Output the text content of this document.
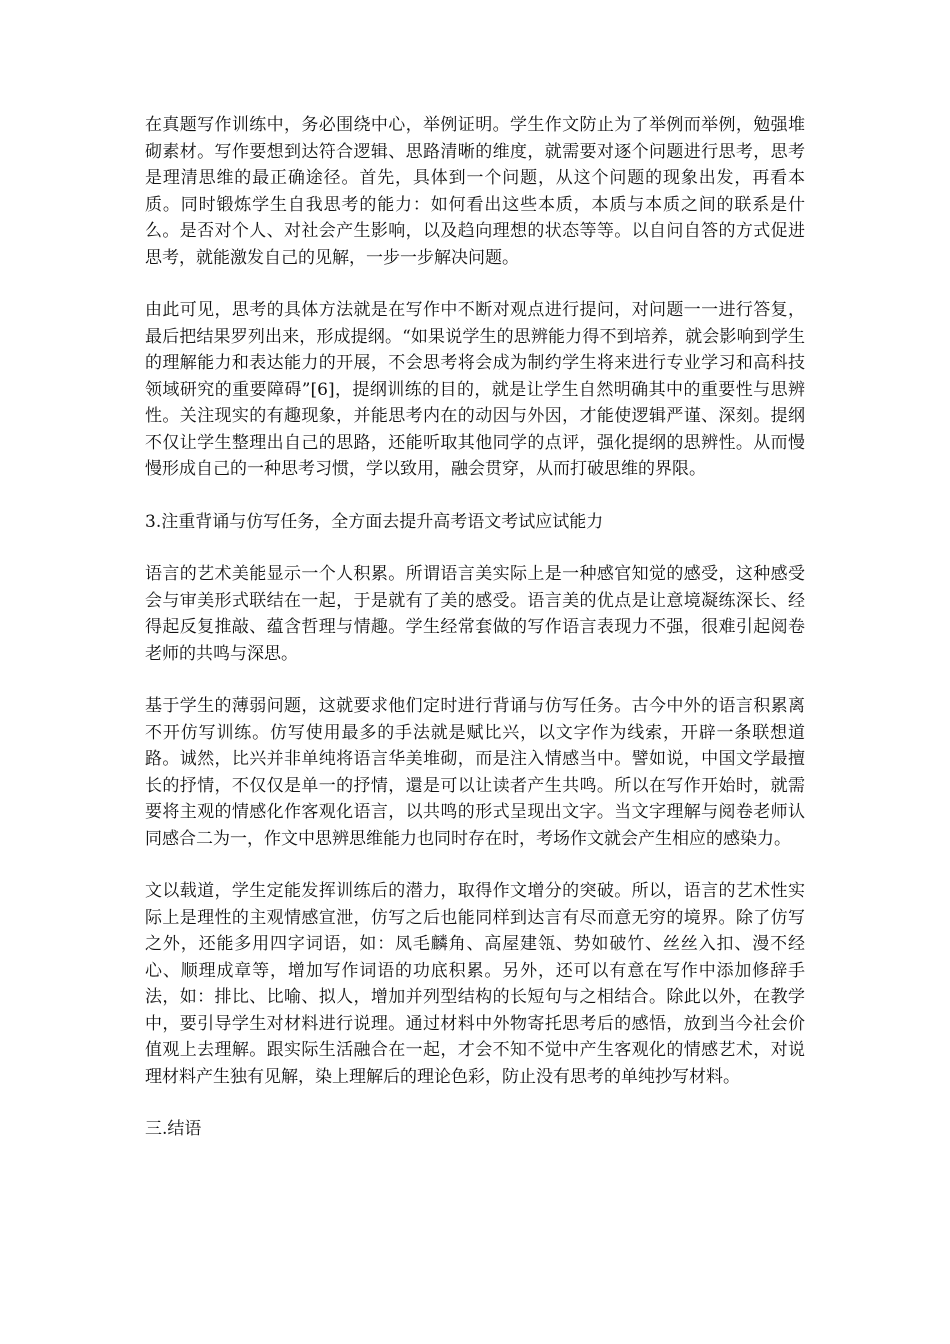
在真题写作训练中，务必围绕中心，举例证明。学生作文防止为了举例而举例，勉强堆砌素材。写作要想到达符合逻辑、思路清晰的维度，就需要对逐个问题进行思考，思考是理清思维的最正确途径。首先，具体到一个问题，从这个问题的现象出发，再看本质。同时锻炼学生自我思考的能力：如何看出这些本质，本质与本质之间的联系是什么。是否对个人、对社会产生影响，以及趋向理想的状态等等。以自问自答的方式促进思考，就能激发自己的见解，一步一步解决问题。

由此可见，思考的具体方法就是在写作中不断对观点进行提问，对问题一一进行答复，最后把结果罗列出来，形成提纲。“如果说学生的思辨能力得不到培养，就会影响到学生的理解能力和表达能力的开展，不会思考将会成为制约学生将来进行专业学习和高科技领域研究的重要障碍”[6]，提纲训练的目的，就是让学生自然明确其中的重要性与思辨性。关注现实的有趣现象，并能思考内在的动因与外因，才能使逻辑严谨、深刻。提纲不仅让学生整理出自己的思路，还能听取其他同学的点评，强化提纲的思辨性。从而慢慢形成自己的一种思考习惯，学以致用，融会贯穿，从而打破思维的界限。

3.注重背诵与仿写任务，全方面去提升高考语文考试应试能力

语言的艺术美能显示一个人积累。所谓语言美实际上是一种感官知觉的感受，这种感受会与审美形式联结在一起，于是就有了美的感受。语言美的优点是让意境凝练深长、经得起反复推敲、蕴含哲理与情趣。学生经常套做的写作语言表现力不强，很难引起阅卷老师的共鸣与深思。

基于学生的薄弱问题，这就要求他们定时进行背诵与仿写任务。古今中外的语言积累离不开仿写训练。仿写使用最多的手法就是赋比兴，以文字作为线索，开辟一条联想道路。诚然，比兴并非单纯将语言华美堆砌，而是注入情感当中。譬如说，中国文学最擅长的抒情，不仅仅是单一的抒情，還是可以让读者产生共鸣。所以在写作开始时，就需要将主观的情感化作客观化语言，以共鸣的形式呈现出文字。当文字理解与阅卷老师认同感合二为一，作文中思辨思维能力也同时存在时，考场作文就会产生相应的感染力。

文以载道，学生定能发挥训练后的潜力，取得作文增分的突破。所以，语言的艺术性实际上是理性的主观情感宣泄，仿写之后也能同样到达言有尽而意无穷的境界。除了仿写之外，还能多用四字词语，如：凤毛麟角、高屋建瓴、势如破竹、丝丝入扣、漫不经心、顺理成章等，增加写作词语的功底积累。另外，还可以有意在写作中添加修辞手法，如：排比、比喻、拟人，增加并列型结构的长短句与之相结合。除此以外，在教学中，要引导学生对材料进行说理。通过材料中外物寄托思考后的感悟，放到当今社会价值观上去理解。跟实际生活融合在一起，才会不知不觉中产生客观化的情感艺术，对说理材料产生独有见解，染上理解后的理论色彩，防止没有思考的单纯抄写材料。

三.结语
